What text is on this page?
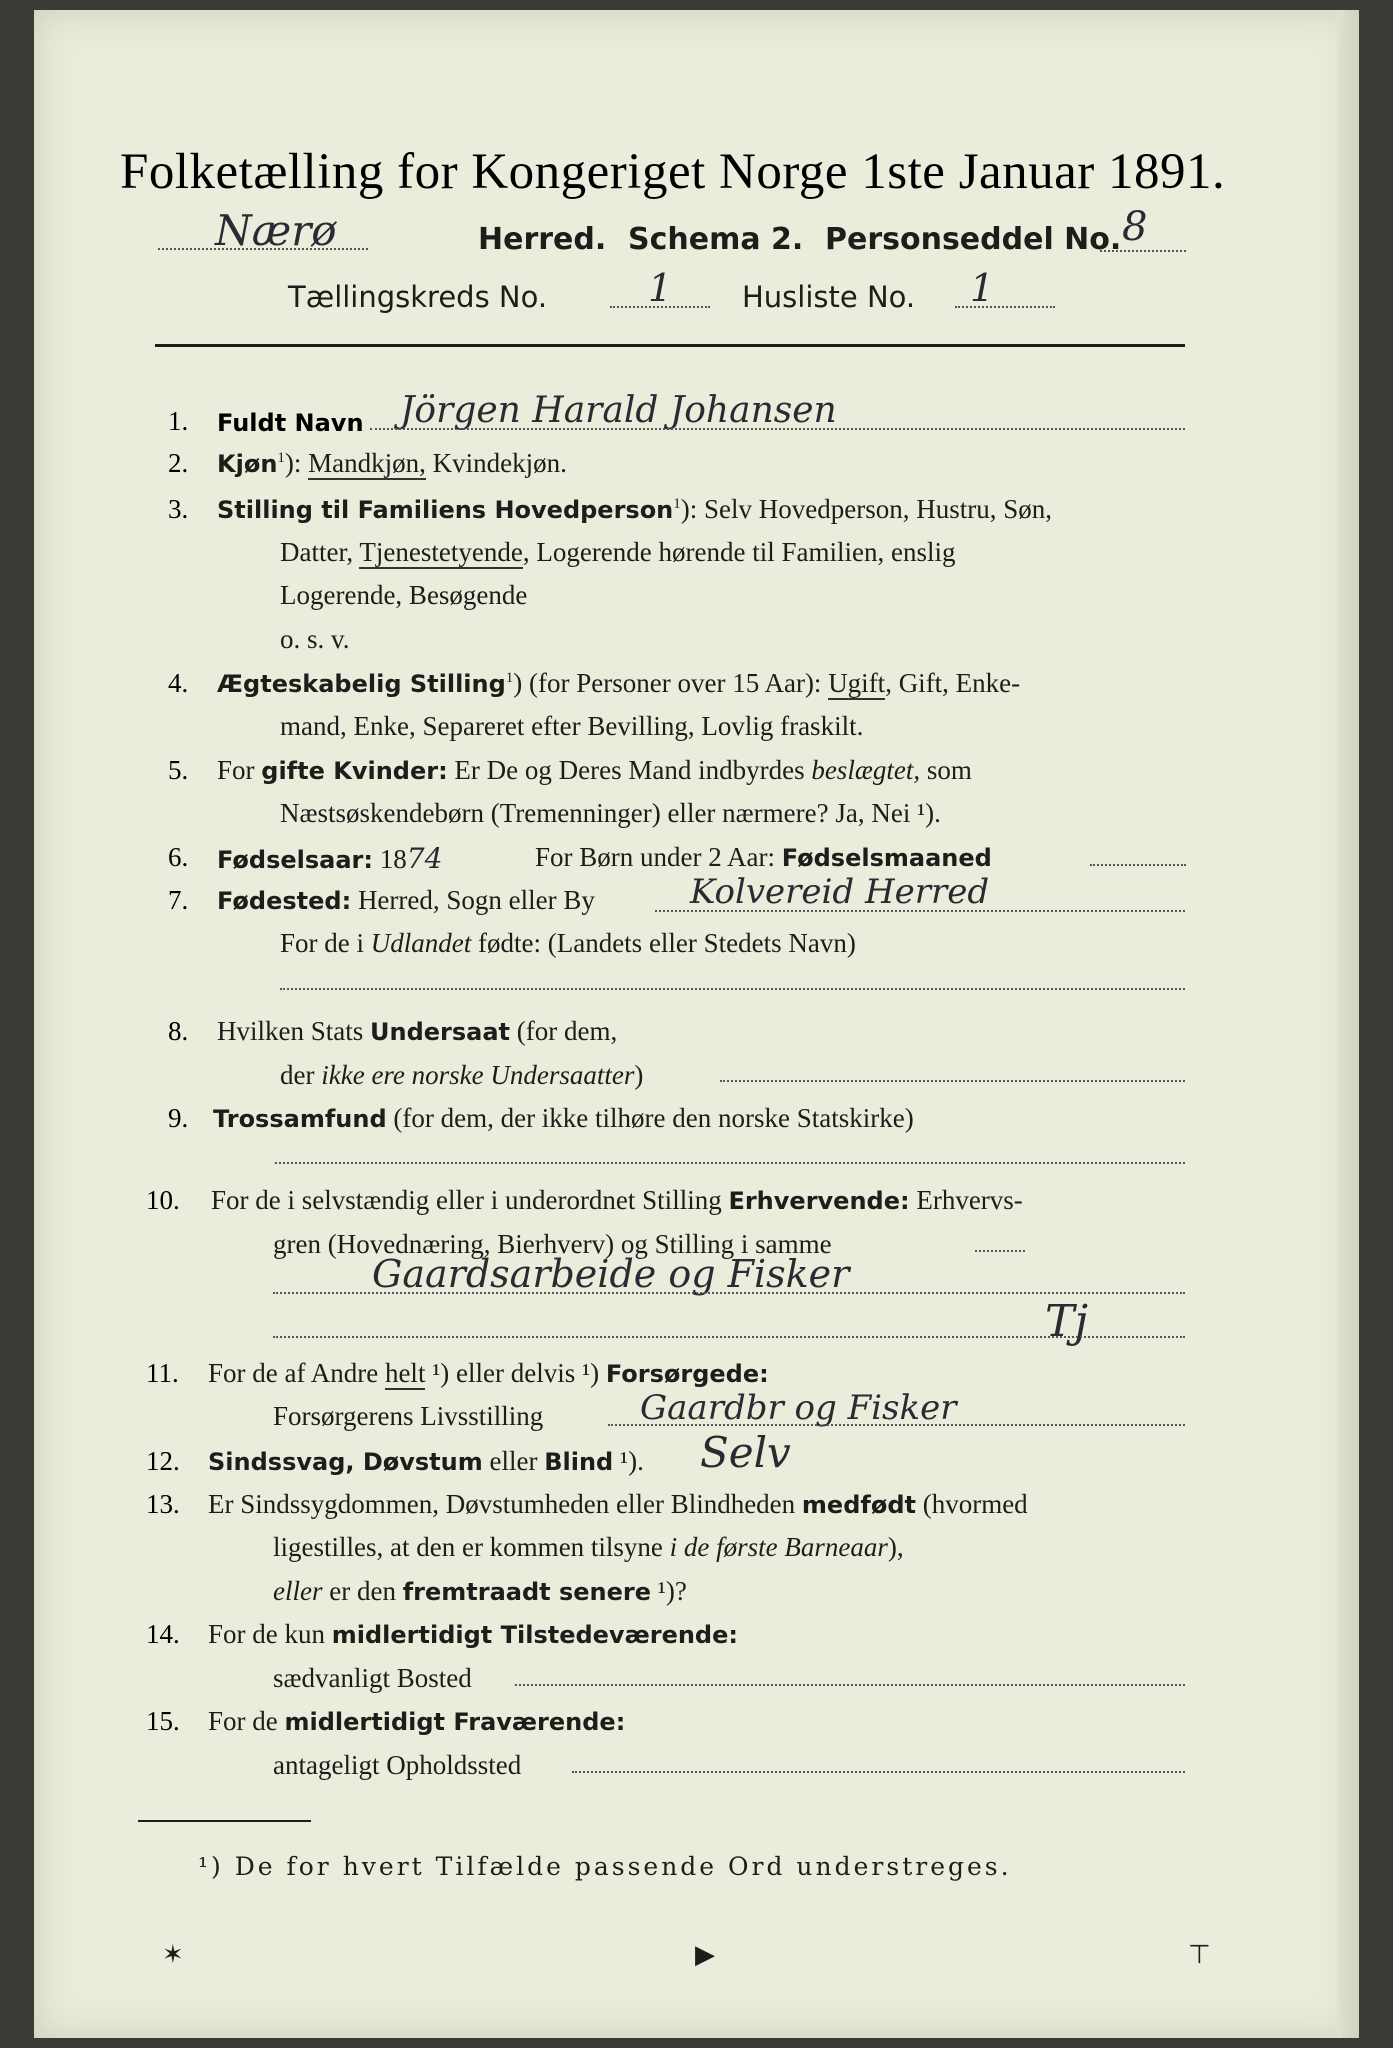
Folketælling for Kongeriget Norge 1ste Januar 1891.
Nærø	Herred. Schema 2. Personseddel No. 8
Tællingskreds No.	1 Husliste No. 1
1. Fuldt Navn Jörgen Harald Johansen
2. Kjøn$^1$): Mandkjøn, Kvindekjøn.
3. Stilling til Familiens Hovedperson$^1$): Selv Hovedperson, Hustru, Søn,
Datter, Tjenestetyende, Logerende hørende til Familien, enslig
Logerende, Besøgende
o. s. v.
4. Ægteskabelig Stilling$^1$) (for Personer over 15 Aar): Ugift, Gift, Enke-
mand, Enke, Separeret efter Bevilling, Lovlig fraskilt.
5. For gifte Kvinder: Er De og Deres Mand indbyrdes beslægtet, som
Næstsøskendebørn (Tremenninger) eller nærmere? Ja, Nei ¹).
6. Fødselsaar: 1874	For Børn under 2 Aar: Fødselsmaaned
7. Fødested: Herred, Sogn eller By	Kolvereid Herred
For de i Udlandet fødte: (Landets eller Stedets Navn)
8. Hvilken Stats Undersaat (for dem,
der ikke ere norske Undersaatter)
9. Trossamfund (for dem, der ikke tilhøre den norske Statskirke)
10. For de i selvstændig eller i underordnet Stilling Erhvervende: Erhvervs-
gren (Hovednæring, Bierhverv) og Stilling i samme
Gaardsarbeide og Fisker
Tj
11. For de af Andre helt ¹) eller delvis ¹) Forsørgede:
Forsørgerens Livsstilling	Gaardbr og Fisker
12. Sindssvag, Døvstum eller Blind ¹). Selv
13. Er Sindssygdommen, Døvstumheden eller Blindheden medfødt (hvormed
ligestilles, at den er kommen tilsyne i de første Barneaar),
eller er den fremtraadt senere ¹)?
14. For de kun midlertidigt Tilstedeværende:
sædvanligt Bosted
15. For de midlertidigt Fraværende:
antageligt Opholdssted
¹) De for hvert Tilfælde passende Ord understreges.
✶	▶	⊤
